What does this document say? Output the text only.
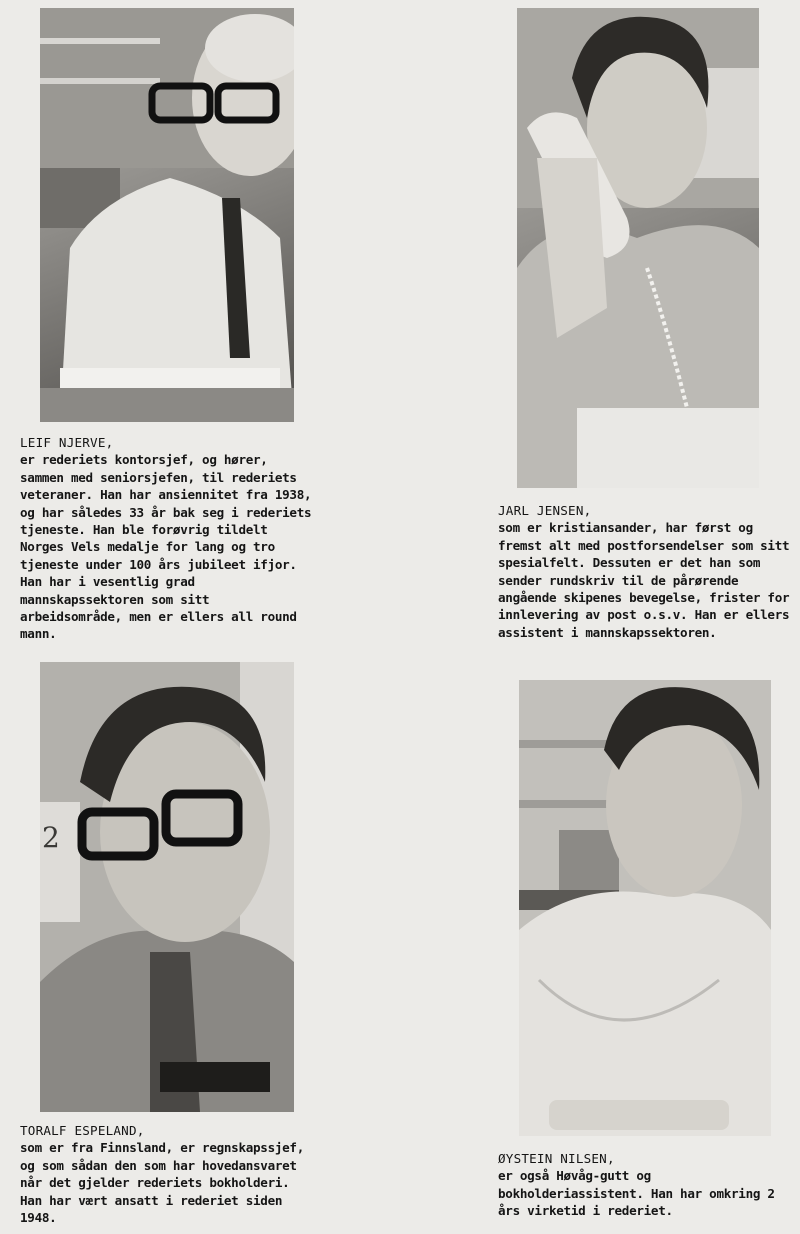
LEIF NJERVE,
er rederiets kontorsjef, og hører, sammen med seniorsjefen, til rederiets veteraner. Han har ansiennitet fra 1938, og har således 33 år bak seg i rederiets tjeneste. Han ble forøvrig tildelt Norges Vels medalje for lang og tro tjeneste under 100 års jubileet ifjor. Han har i vesentlig grad mannskapssektoren som sitt arbeidsområde, men er ellers all round mann.
JARL JENSEN,
som er kristiansander, har først og fremst alt med postforsendelser som sitt spesialfelt. Dessuten er det han som sender rundskriv til de pårørende angående skipenes bevegelse, frister for innlevering av post o.s.v. Han er ellers assistent i mannskapssektoren.
2
TORALF ESPELAND,
som er fra Finnsland, er regnskapssjef, og som sådan den som har hovedansvaret når det gjelder rederiets bokholderi. Han har vært ansatt i rederiet siden 1948.
ØYSTEIN NILSEN,
er også Høvåg-gutt og bokholderiassistent. Han har omkring 2 års virketid i rederiet.
